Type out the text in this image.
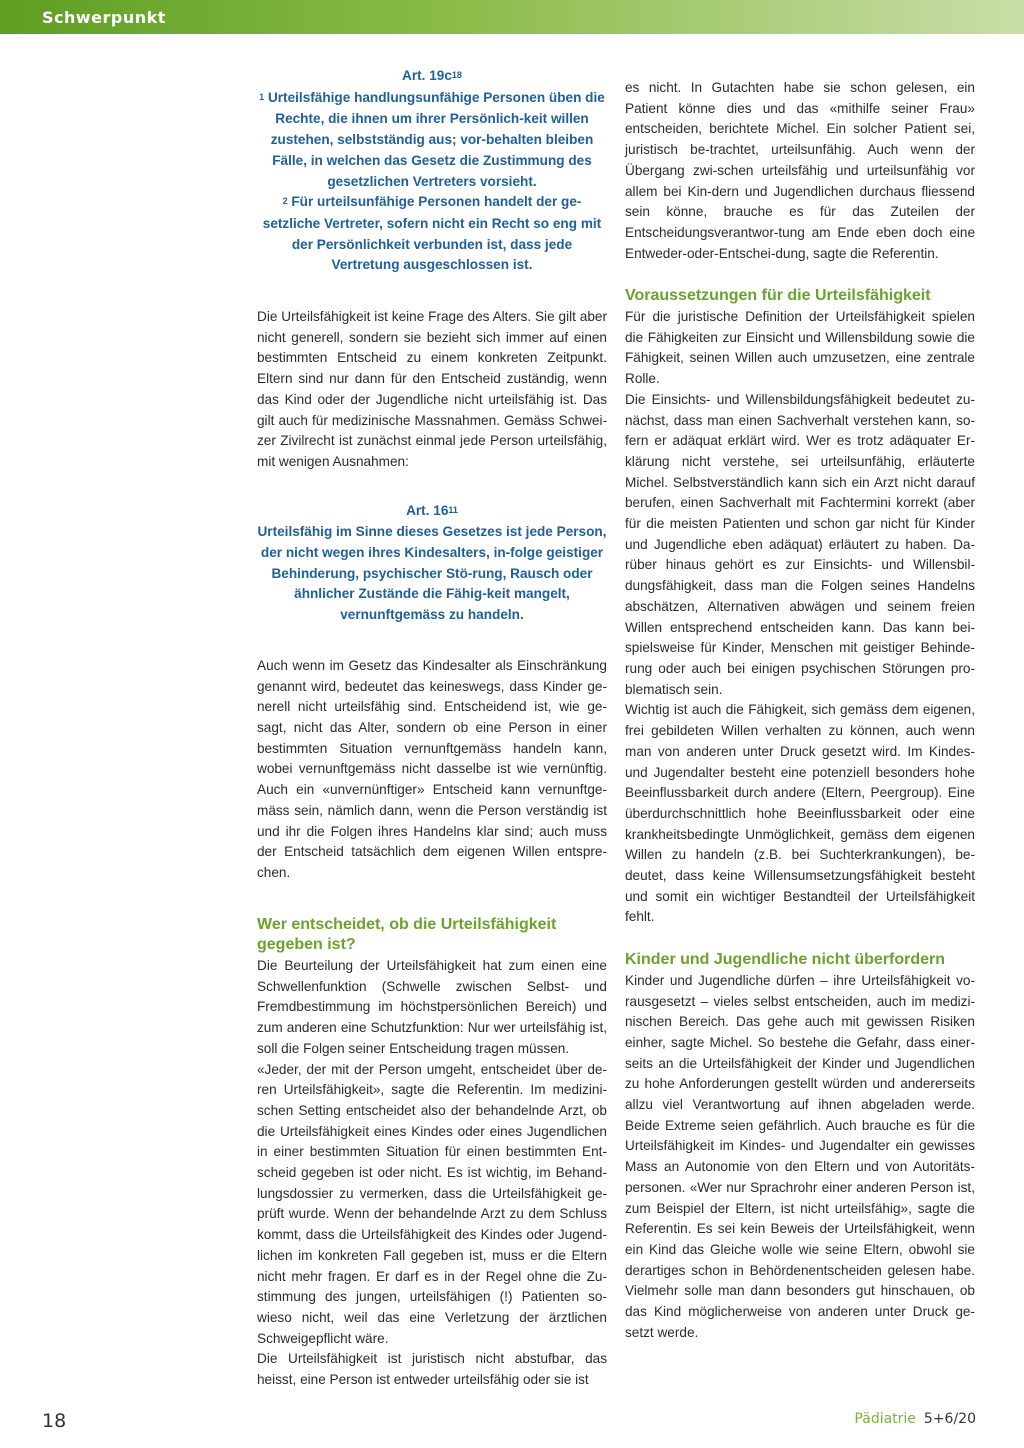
Schwerpunkt

Art. $19c^{18}$

$^1$ Urteilsfähige handlungsunfähige Personen üben die Rechte, die ihnen um ihrer Persönlich-keit willen zustehen, selbstständig aus; vor-behalten bleiben Fälle, in welchen das Gesetz die Zustimmung des gesetzlichen Vertreters vorsieht.

$^2$ Für urteilsunfähige Personen handelt der ge-setzliche Vertreter, sofern nicht ein Recht so eng mit der Persönlichkeit verbunden ist, dass jede Vertretung ausgeschlossen ist.

Die Urteilsfähigkeit ist keine Frage des Alters. Sie gilt aber nicht generell, sondern sie bezieht sich immer auf einen bestimmten Entscheid zu einem konkreten Zeitpunkt. Eltern sind nur dann für den Entscheid zuständig, wenn das Kind oder der Jugendliche nicht urteilsfähig ist. Das gilt auch für medizinische Massnahmen. Gemäss Schwei-zer Zivilrecht ist zunächst einmal jede Person urteilsfähig, mit wenigen Ausnahmen:

Art. $16^{11}$

Urteilsfähig im Sinne dieses Gesetzes ist jede Person, der nicht wegen ihres Kindesalters, in-folge geistiger Behinderung, psychischer Stö-rung, Rausch oder ähnlicher Zustände die Fähig-keit mangelt, vernunftgemäss zu handeln.

Auch wenn im Gesetz das Kindesalter als Einschränkung genannt wird, bedeutet das keineswegs, dass Kinder ge-nerell nicht urteilsfähig sind. Entscheidend ist, wie ge-sagt, nicht das Alter, sondern ob eine Person in einer bestimmten Situation vernunftgemäss handeln kann, wobei vernunftgemäss nicht dasselbe ist wie vernünftig. Auch ein «unvernünftiger» Entscheid kann vernunftge-mäss sein, nämlich dann, wenn die Person verständig ist und ihr die Folgen ihres Handelns klar sind; auch muss der Entscheid tatsächlich dem eigenen Willen entspre-chen.

Wer entscheidet, ob die Urteilsfähigkeit gegeben ist?

Die Beurteilung der Urteilsfähigkeit hat zum einen eine Schwellenfunktion (Schwelle zwischen Selbst- und Fremdbestimmung im höchstpersönlichen Bereich) und zum anderen eine Schutzfunktion: Nur wer urteilsfähig ist, soll die Folgen seiner Entscheidung tragen müssen.

«Jeder, der mit der Person umgeht, entscheidet über de-ren Urteilsfähigkeit», sagte die Referentin. Im medizini-schen Setting entscheidet also der behandelnde Arzt, ob die Urteilsfähigkeit eines Kindes oder eines Jugendlichen in einer bestimmten Situation für einen bestimmten Ent-scheid gegeben ist oder nicht. Es ist wichtig, im Behand-lungsdossier zu vermerken, dass die Urteilsfähigkeit ge-prüft wurde. Wenn der behandelnde Arzt zu dem Schluss kommt, dass die Urteilsfähigkeit des Kindes oder Jugend-lichen im konkreten Fall gegeben ist, muss er die Eltern nicht mehr fragen. Er darf es in der Regel ohne die Zu-stimmung des jungen, urteilsfähigen (!) Patienten so-wieso nicht, weil das eine Verletzung der ärztlichen Schweigepflicht wäre.

Die Urteilsfähigkeit ist juristisch nicht abstufbar, das heisst, eine Person ist entweder urteilsfähig oder sie ist

es nicht. In Gutachten habe sie schon gelesen, ein Patient könne dies und das «mithilfe seiner Frau» entscheiden, berichtete Michel. Ein solcher Patient sei, juristisch be-trachtet, urteilsunfähig. Auch wenn der Übergang zwi-schen urteilsfähig und urteilsunfähig vor allem bei Kin-dern und Jugendlichen durchaus fliessend sein könne, brauche es für das Zuteilen der Entscheidungsverantwor-tung am Ende eben doch eine Entweder-oder-Entschei-dung, sagte die Referentin.

Voraussetzungen für die Urteilsfähigkeit

Für die juristische Definition der Urteilsfähigkeit spielen die Fähigkeiten zur Einsicht und Willensbildung sowie die Fähigkeit, seinen Willen auch umzusetzen, eine zentrale Rolle.

Die Einsichts- und Willensbildungsfähigkeit bedeutet zu-nächst, dass man einen Sachverhalt verstehen kann, so-fern er adäquat erklärt wird. Wer es trotz adäquater Er-klärung nicht verstehe, sei urteilsunfähig, erläuterte Michel. Selbstverständlich kann sich ein Arzt nicht darauf berufen, einen Sachverhalt mit Fachtermini korrekt (aber für die meisten Patienten und schon gar nicht für Kinder und Jugendliche eben adäquat) erläutert zu haben. Da-rüber hinaus gehört es zur Einsichts- und Willensbil-dungsfähigkeit, dass man die Folgen seines Handelns abschätzen, Alternativen abwägen und seinem freien Willen entsprechend entscheiden kann. Das kann bei-spielsweise für Kinder, Menschen mit geistiger Behinde-rung oder auch bei einigen psychischen Störungen pro-blematisch sein.

Wichtig ist auch die Fähigkeit, sich gemäss dem eigenen, frei gebildeten Willen verhalten zu können, auch wenn man von anderen unter Druck gesetzt wird. Im Kindes- und Jugendalter besteht eine potenziell besonders hohe Beeinflussbarkeit durch andere (Eltern, Peergroup). Eine überdurchschnittlich hohe Beeinflussbarkeit oder eine krankheitsbedingte Unmöglichkeit, gemäss dem eigenen Willen zu handeln (z.B. bei Suchterkrankungen), be-deutet, dass keine Willensumsetzungsfähigkeit besteht und somit ein wichtiger Bestandteil der Urteilsfähigkeit fehlt.

Kinder und Jugendliche nicht überfordern

Kinder und Jugendliche dürfen – ihre Urteilsfähigkeit vo-rausgesetzt – vieles selbst entscheiden, auch im medizi-nischen Bereich. Das gehe auch mit gewissen Risiken einher, sagte Michel. So bestehe die Gefahr, dass einer-seits an die Urteilsfähigkeit der Kinder und Jugendlichen zu hohe Anforderungen gestellt würden und andererseits allzu viel Verantwortung auf ihnen abgeladen werde. Beide Extreme seien gefährlich. Auch brauche es für die Urteilsfähigkeit im Kindes- und Jugendalter ein gewisses Mass an Autonomie von den Eltern und von Autoritäts-personen. «Wer nur Sprachrohr einer anderen Person ist, zum Beispiel der Eltern, ist nicht urteilsfähig», sagte die Referentin. Es sei kein Beweis der Urteilsfähigkeit, wenn ein Kind das Gleiche wolle wie seine Eltern, obwohl sie derartiges schon in Behördenentscheiden gelesen habe. Vielmehr solle man dann besonders gut hinschauen, ob das Kind möglicherweise von anderen unter Druck ge-setzt werde.

18	Pädiatrie 5+6/20
